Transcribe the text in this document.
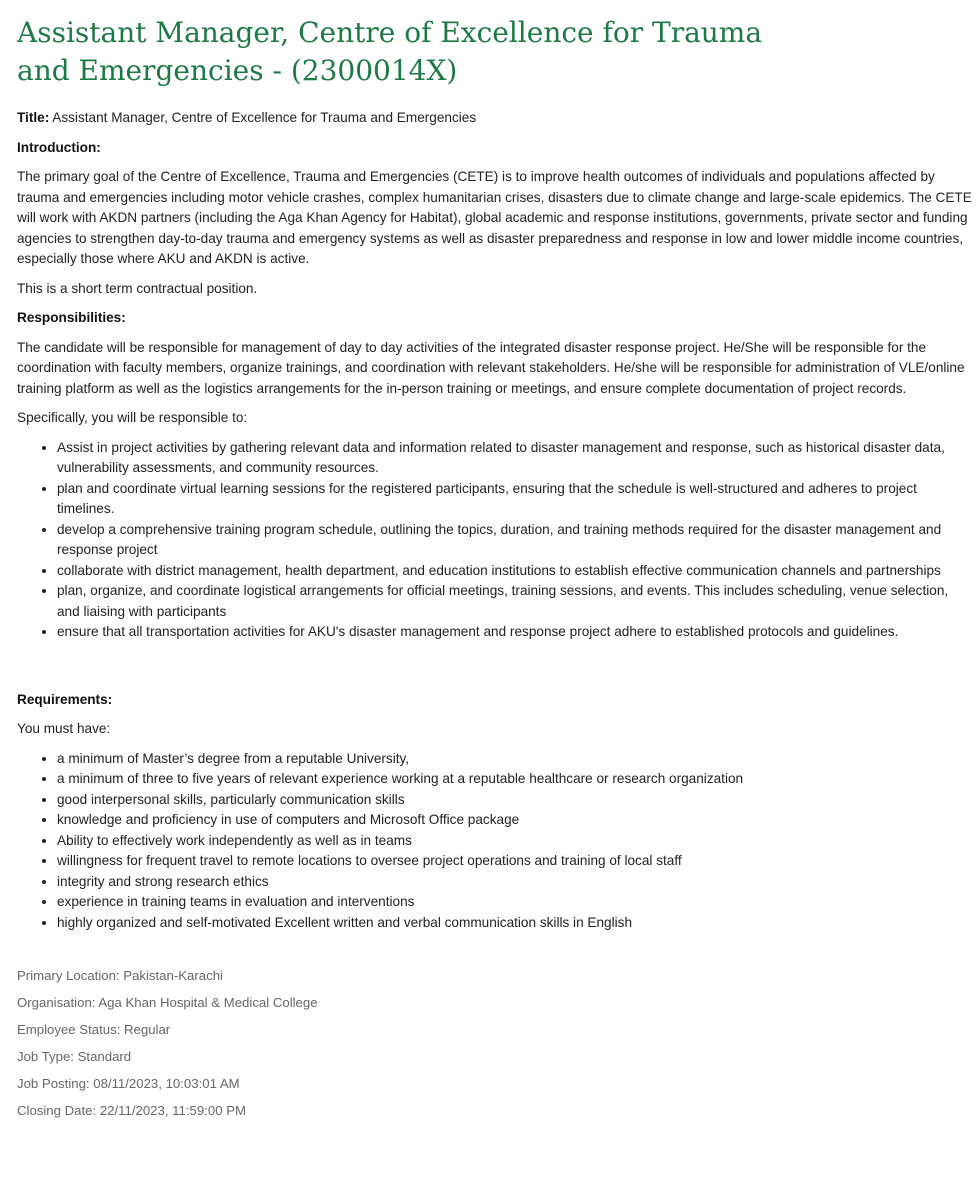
Assistant Manager, Centre of Excellence for Trauma and Emergencies - (2300014X)

Title: Assistant Manager, Centre of Excellence for Trauma and Emergencies

Introduction:

The primary goal of the Centre of Excellence, Trauma and Emergencies (CETE) is to improve health outcomes of individuals and populations affected by trauma and emergencies including motor vehicle crashes, complex humanitarian crises, disasters due to climate change and large-scale epidemics. The CETE will work with AKDN partners (including the Aga Khan Agency for Habitat), global academic and response institutions, governments, private sector and funding agencies to strengthen day-to-day trauma and emergency systems as well as disaster preparedness and response in low and lower middle income countries, especially those where AKU and AKDN is active.

This is a short term contractual position.

Responsibilities:

The candidate will be responsible for management of day to day activities of the integrated disaster response project. He/She will be responsible for the coordination with faculty members, organize trainings, and coordination with relevant stakeholders. He/she will be responsible for administration of VLE/online training platform as well as the logistics arrangements for the in-person training or meetings, and ensure complete documentation of project records.

Specifically, you will be responsible to:

• Assist in project activities by gathering relevant data and information related to disaster management and response, such as historical disaster data, vulnerability assessments, and community resources.
• plan and coordinate virtual learning sessions for the registered participants, ensuring that the schedule is well-structured and adheres to project timelines.
• develop a comprehensive training program schedule, outlining the topics, duration, and training methods required for the disaster management and response project
• collaborate with district management, health department, and education institutions to establish effective communication channels and partnerships
• plan, organize, and coordinate logistical arrangements for official meetings, training sessions, and events. This includes scheduling, venue selection, and liaising with participants
• ensure that all transportation activities for AKU's disaster management and response project adhere to established protocols and guidelines.

Requirements:

You must have:

• a minimum of Master’s degree from a reputable University,
• a minimum of three to five years of relevant experience working at a reputable healthcare or research organization
• good interpersonal skills, particularly communication skills
• knowledge and proficiency in use of computers and Microsoft Office package
• Ability to effectively work independently as well as in teams
• willingness for frequent travel to remote locations to oversee project operations and training of local staff
• integrity and strong research ethics
• experience in training teams in evaluation and interventions
• highly organized and self-motivated Excellent written and verbal communication skills in English

Primary Location: Pakistan-Karachi

Organisation: Aga Khan Hospital & Medical College

Employee Status: Regular

Job Type: Standard

Job Posting: 08/11/2023, 10:03:01 AM

Closing Date: 22/11/2023, 11:59:00 PM
